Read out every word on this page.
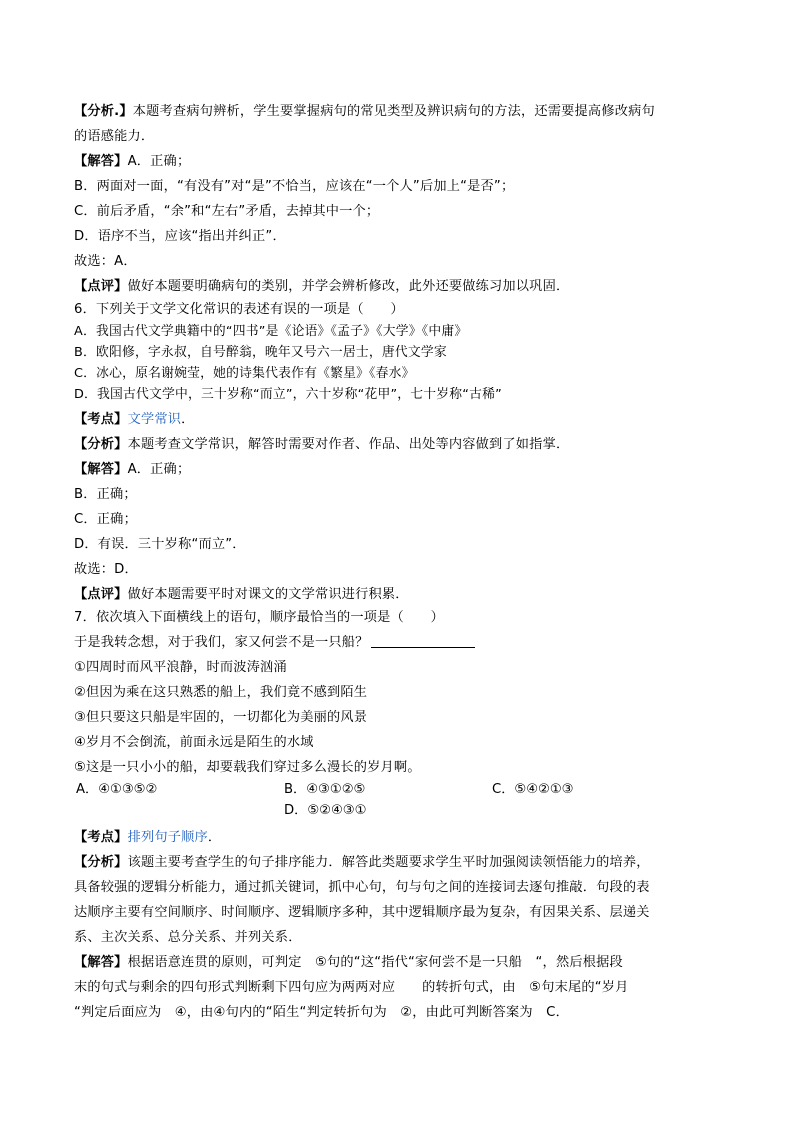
【分析.】本题考查病句辨析，学生要掌握病句的常见类型及辨识病句的方法，还需要提高修改病句
的语感能力．
【解答】A．正确；
B．两面对一面，“有没有”对“是”不恰当，应该在“一个人”后加上“是否”；
C．前后矛盾，“余”和“左右”矛盾，去掉其中一个；
D．语序不当，应该“指出并纠正”．
故选：A．
【点评】做好本题要明确病句的类别，并学会辨析修改，此外还要做练习加以巩固．
6．下列关于文学文化常识的表述有误的一项是（　　）
A．我国古代文学典籍中的“四书”是《论语》《孟子》《大学》《中庸》
B．欧阳修，字永叔，自号醉翁，晚年又号六一居士，唐代文学家
C．冰心，原名谢婉莹，她的诗集代表作有《繁星》《春水》
D．我国古代文学中，三十岁称“而立”，六十岁称“花甲”，七十岁称“古稀”
【考点】文学常识．
【分析】本题考查文学常识，解答时需要对作者、作品、出处等内容做到了如指掌．
【解答】A．正确；
B．正确；
C．正确；
D．有误．三十岁称“而立”．
故选：D．
【点评】做好本题需要平时对课文的文学常识进行积累．
7．依次填入下面横线上的语句，顺序最恰当的一项是（　　）
于是我转念想，对于我们，家又何尝不是一只船？
①四周时而风平浪静，时而波涛汹涌
②但因为乘在这只熟悉的船上，我们竟不感到陌生
③但只要这只船是牢固的，一切都化为美丽的风景
④岁月不会倒流，前面永远是陌生的水域
⑤这是一只小小的船，却要载我们穿过多么漫长的岁月啊。
A．④①③⑤②	B．④③①②⑤	C．⑤④②①③
D．⑤②④③①
【考点】排列句子顺序．
【分析】该题主要考查学生的句子排序能力．解答此类题要求学生平时加强阅读领悟能力的培养，
具备较强的逻辑分析能力，通过抓关键词，抓中心句，句与句之间的连接词去逐句推敲．句段的表
达顺序主要有空间顺序、时间顺序、逻辑顺序多种，其中逻辑顺序最为复杂，有因果关系、层递关
系、主次关系、总分关系、并列关系．
【解答】根据语意连贯的原则，可判定　⑤句的“这“指代“家何尝不是一只船　“，然后根据段
末的句式与剩余的四句形式判断剩下四句应为两两对应　　的转折句式，由　⑤句末尾的“岁月
“判定后面应为　④，由④句内的“陌生“判定转折句为　②，由此可判断答案为　C．
